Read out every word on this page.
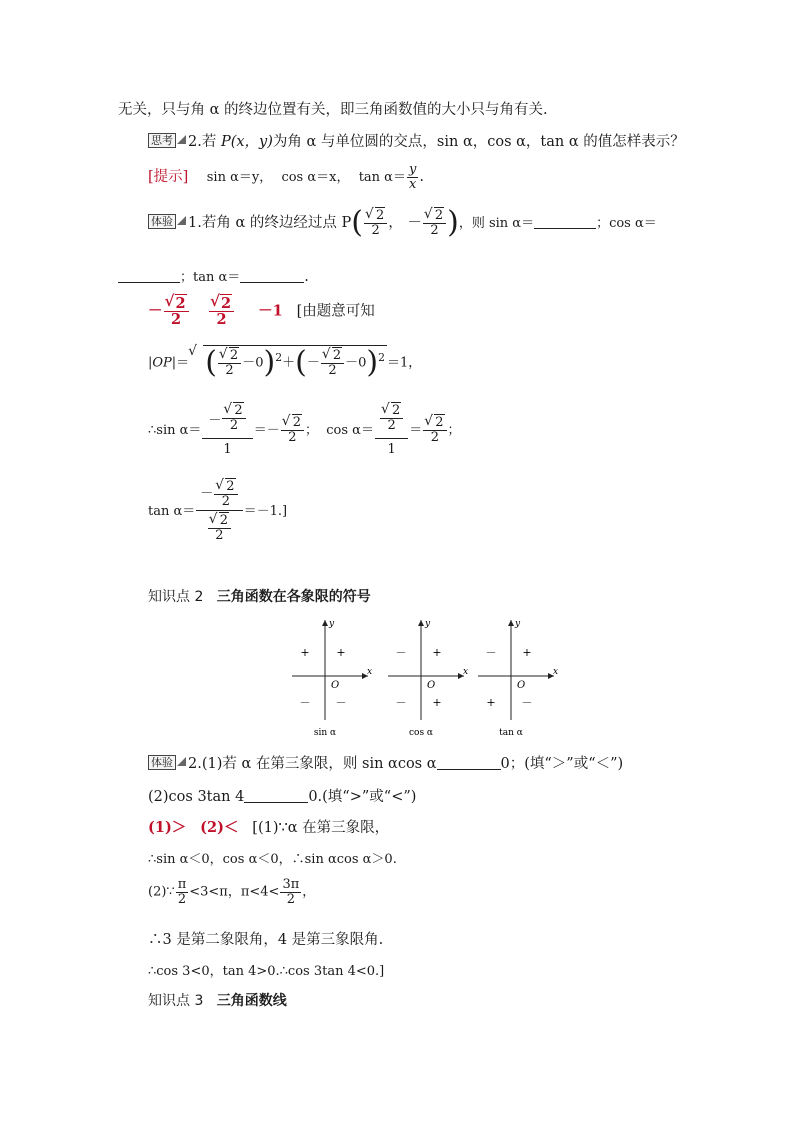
无关，只与角 α 的终边位置有关，即三角函数值的大小只与角有关.
思考 2.若 P(x，y)为角 α 与单位圆的交点，sin α，cos α，tan α 的值怎样表示？
[提示] sin α＝y， cos α＝x， $\tan \alpha= \frac{y}{x}$ .
体验 1.若角 α 的终边经过点 P(
√ $\frac{2}{2}$ ， －
√ $\frac{2}{2}$ )，则 sin α＝	；cos α＝
；tan α＝	.
－
√ $\frac{2}{2}$

√ $\frac{2}{2} -1$ [由题意可知
|OP|＝√ (
√ $\frac{2}{2} -0)^2+(-$
√ $\frac{2}{2} -0)^2 =1$，
∴sin α＝ －
√ $\frac{2}{2}$
1 ＝－
√ $\frac{2}{2}$ ； cos α＝
√ $\frac{\frac{2}{2}}{1}$ ＝
√ $\frac{2}{2}$ ；
tan α＝ －
√ $\frac{2}{2}$
√ $\frac{2}{2} =-1$.]
知识点 2 三角函数在各象限的符号
x
y
O
+ +
－ －
sin α
x
y
O
－ +
－ +
cos α
x
y
O
－ +
+ －
tan α
体验 2.(1)若 α 在第三象限，则 sin αcos α	0；(填“＞”或“＜”)
(2)cos 3tan 4	0.(填“>”或“<”)
(1)＞ (2)＜ [(1)∵α 在第三象限，
∴sin α＜0，cos α＜0，∴sin αcos α＞0.
(2)∵ $\frac{\pi}{2} <3<\pi$，$\pi<4< \frac{3\pi}{2}$ ，
∴3 是第二象限角，4 是第三象限角.
∴cos 3<0，tan 4>0.∴cos 3tan 4<0.]
知识点 3 三角函数线
